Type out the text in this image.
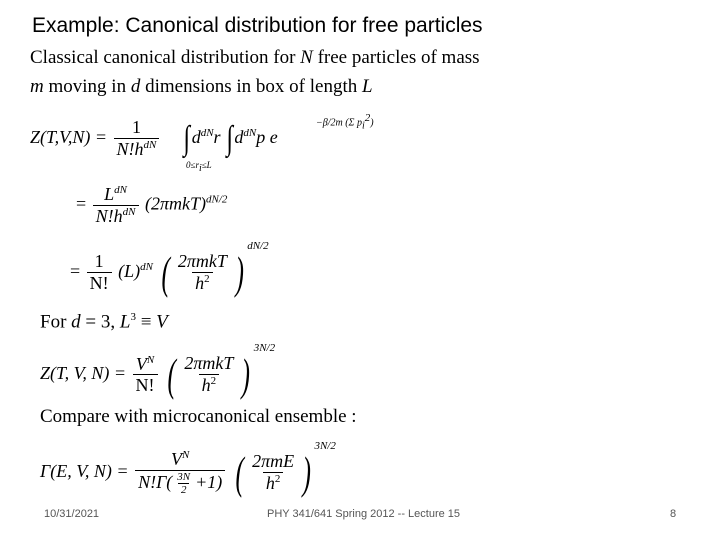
Example: Canonical distribution for free particles
Classical canonical distribution for N free particles of mass
m moving in d dimensions in box of length L
$Z(T,V,N) = \frac{1}{N!h^{dN}} \int d^{dN}r$ $\int d^{dN}p$ e
0≤ri≤L
−β/2m (Σ pi2)
= $\frac{L^{dN}}{N!h^{dN}} (2\pi mkT)^{dN/2}$
= $\frac{1}{N!} (L)^{dN}$ ( $\frac{\text{2πmkT}}{h^2} )^{dN/2}$
For d = 3, $L^3 \equiv V$
Z(T, V, $N) = \frac{V^N}{N!}$ ( $\frac{\text{2πmkT}}{h^2} )^{3N/2}$
Compare with microcanonical ensemble :
Γ(E, V, $N) = \frac{V^N}{N!\Gamma( \frac{3N}{2} +1)}$ ( $\frac{\text{2πmE}}{h^2} )^{3N/2}$
10/31/2021	PHY 341/641 Spring 2012 -- Lecture 15	8
